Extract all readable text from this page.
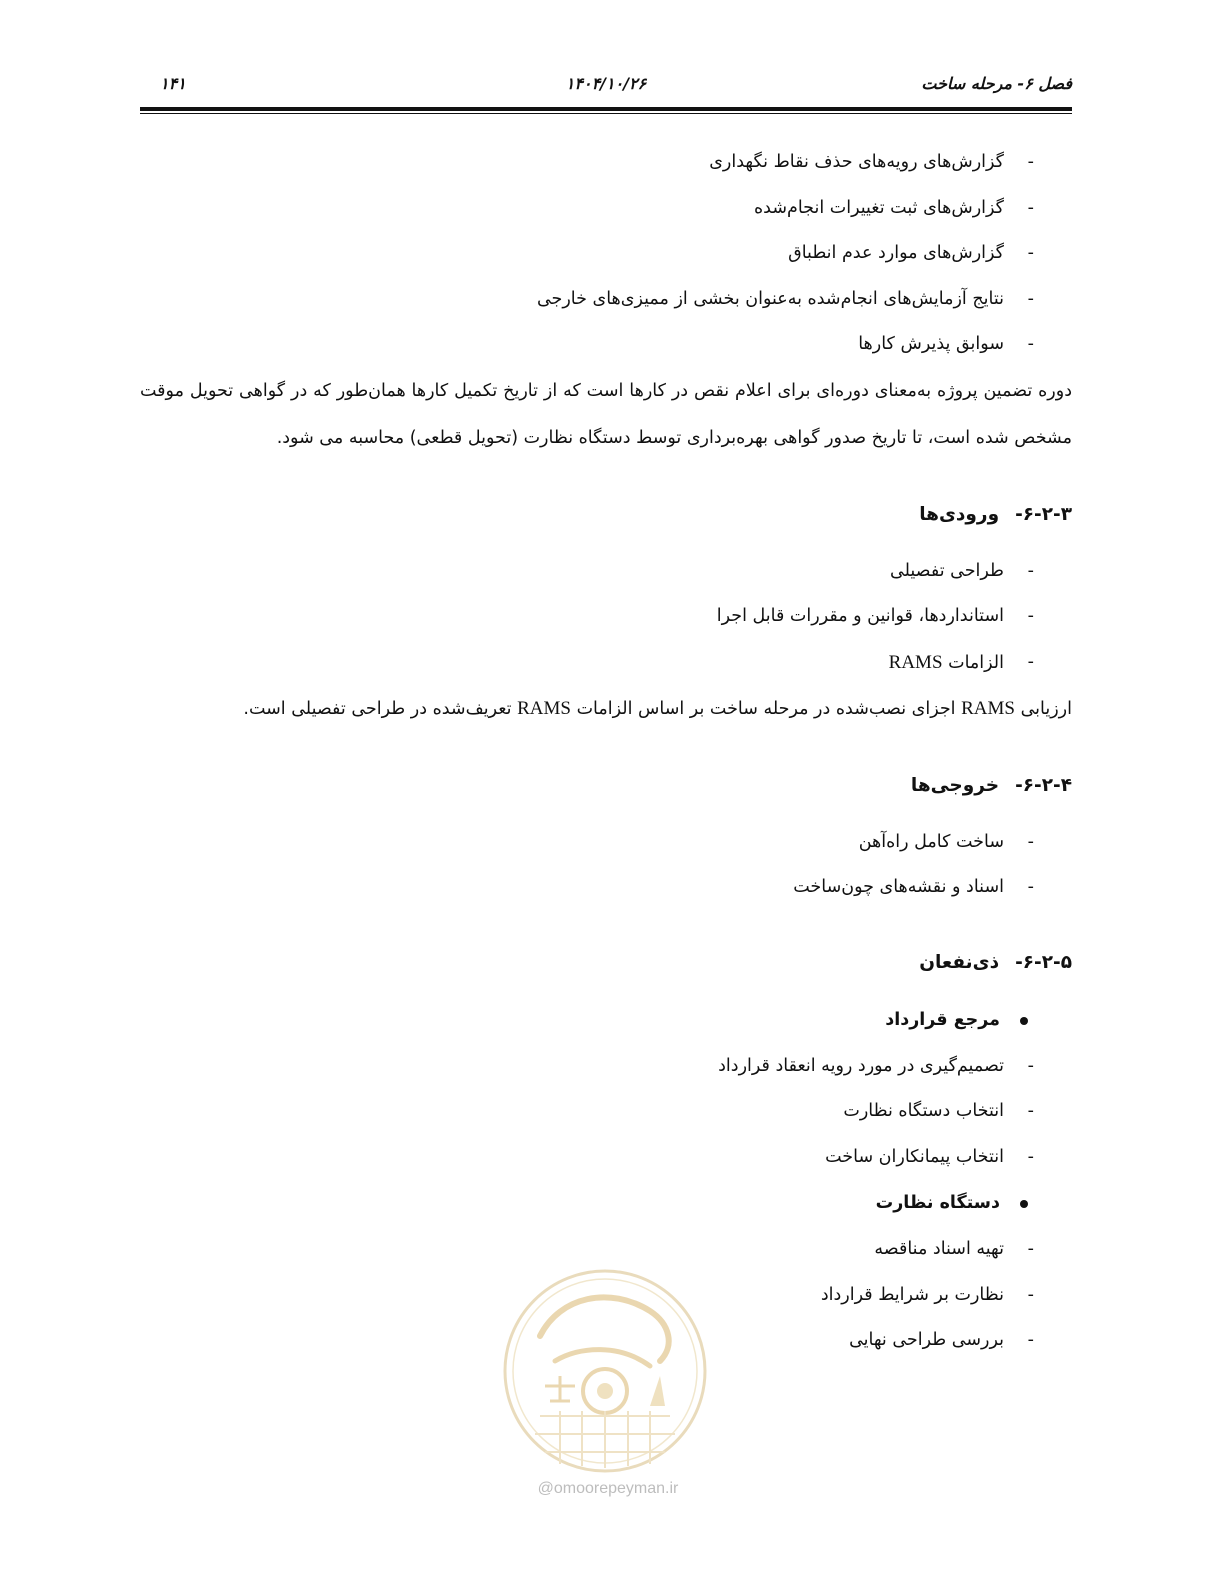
فصل ۶- مرحله ساخت
۱۴۰۴/۱۰/۲۶
۱۴۱
-
گزارش‌های رویه‌های حذف نقاط نگهداری
-
گزارش‌های ثبت تغییرات انجام‌شده
-
گزارش‌های موارد عدم انطباق
-
نتایج آزمایش‌های انجام‌شده به‌عنوان بخشی از ممیزی‌های خارجی
-
سوابق پذیرش کارها

دوره تضمین پروژه به‌معنای دوره‌ای برای اعلام نقص در کارها است که از تاریخ تکمیل کارها همان‌طور که در گواهی تحویل موقت مشخص شده است، تا تاریخ صدور گواهی بهره‌برداری توسط دستگاه نظارت (تحویل قطعی) محاسبه می شود.

۶-۲-۳-ورودی‌ها
-
طراحی تفصیلی
-
استانداردها، قوانین و مقررات قابل اجرا
-
الزامات RAMS

ارزیابی RAMS اجزای نصب‌شده در مرحله ساخت بر اساس الزامات RAMS تعریف‌شده در طراحی تفصیلی است.

۶-۲-۴-خروجی‌ها
-
ساخت کامل راه‌آهن
-
اسناد و نقشه‌های چون‌ساخت
۶-۲-۵-ذی‌نفعان
مرجع قرارداد
-
تصمیم‌گیری در مورد رویه انعقاد قرارداد
-
انتخاب دستگاه نظارت
-
انتخاب پیمانکاران ساخت
دستگاه نظارت
-
تهیه اسناد مناقصه
-
نظارت بر شرایط قرارداد
-
بررسی طراحی نهایی
@omoorepeyman.ir
